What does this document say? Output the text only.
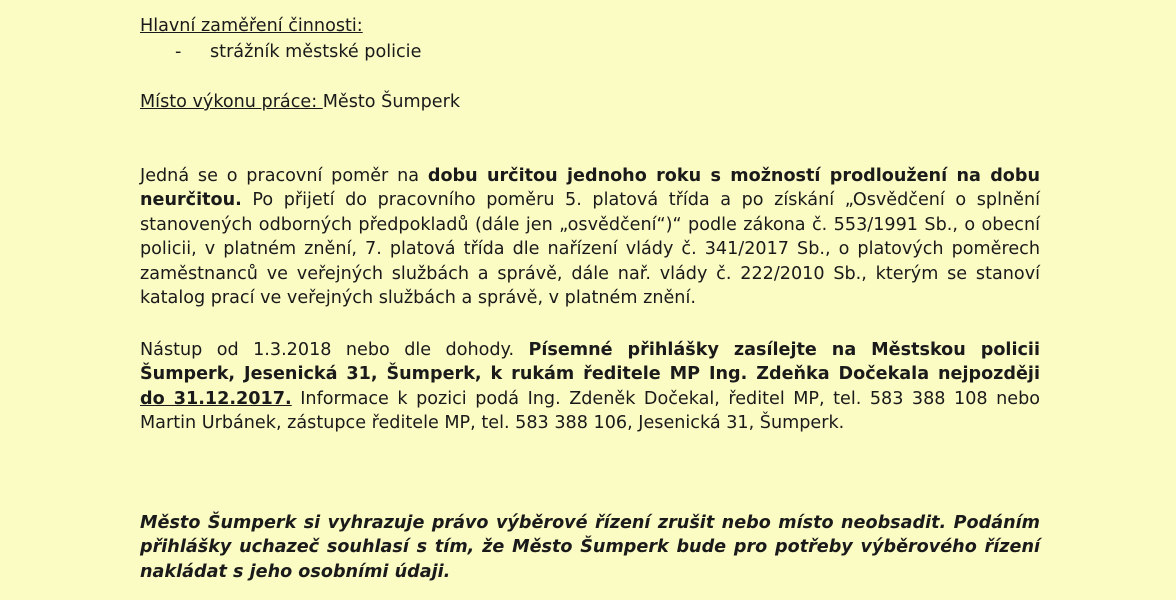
Hlavní zaměření činnosti:
- strážník městské policie
Místo výkonu práce: Město Šumperk
Jedná se o pracovní poměr na dobu určitou jednoho roku s možností prodloužení na dobu neurčitou. Po přijetí do pracovního poměru 5. platová třída a po získání „Osvědčení o splnění stanovených odborných předpokladů (dále jen „osvědčení“)“ podle zákona č. 553/1991 Sb., o obecní policii, v platném znění, 7. platová třída dle nařízení vlády č. 341/2017 Sb., o platových poměrech zaměstnanců ve veřejných službách a správě, dále nař. vlády č. 222/2010 Sb., kterým se stanoví katalog prací ve veřejných službách a správě, v platném znění.
Nástup od 1.3.2018 nebo dle dohody. Písemné přihlášky zasílejte na Městskou policii Šumperk, Jesenická 31, Šumperk, k rukám ředitele MP Ing. Zdeňka Dočekala nejpozději do 31.12.2017. Informace k pozici podá Ing. Zdeněk Dočekal, ředitel MP, tel. 583 388 108 nebo Martin Urbánek, zástupce ředitele MP, tel. 583 388 106, Jesenická 31, Šumperk.
Město Šumperk si vyhrazuje právo výběrové řízení zrušit nebo místo neobsadit. Podáním přihlášky uchazeč souhlasí s tím, že Město Šumperk bude pro potřeby výběrového řízení nakládat s jeho osobními údaji.
